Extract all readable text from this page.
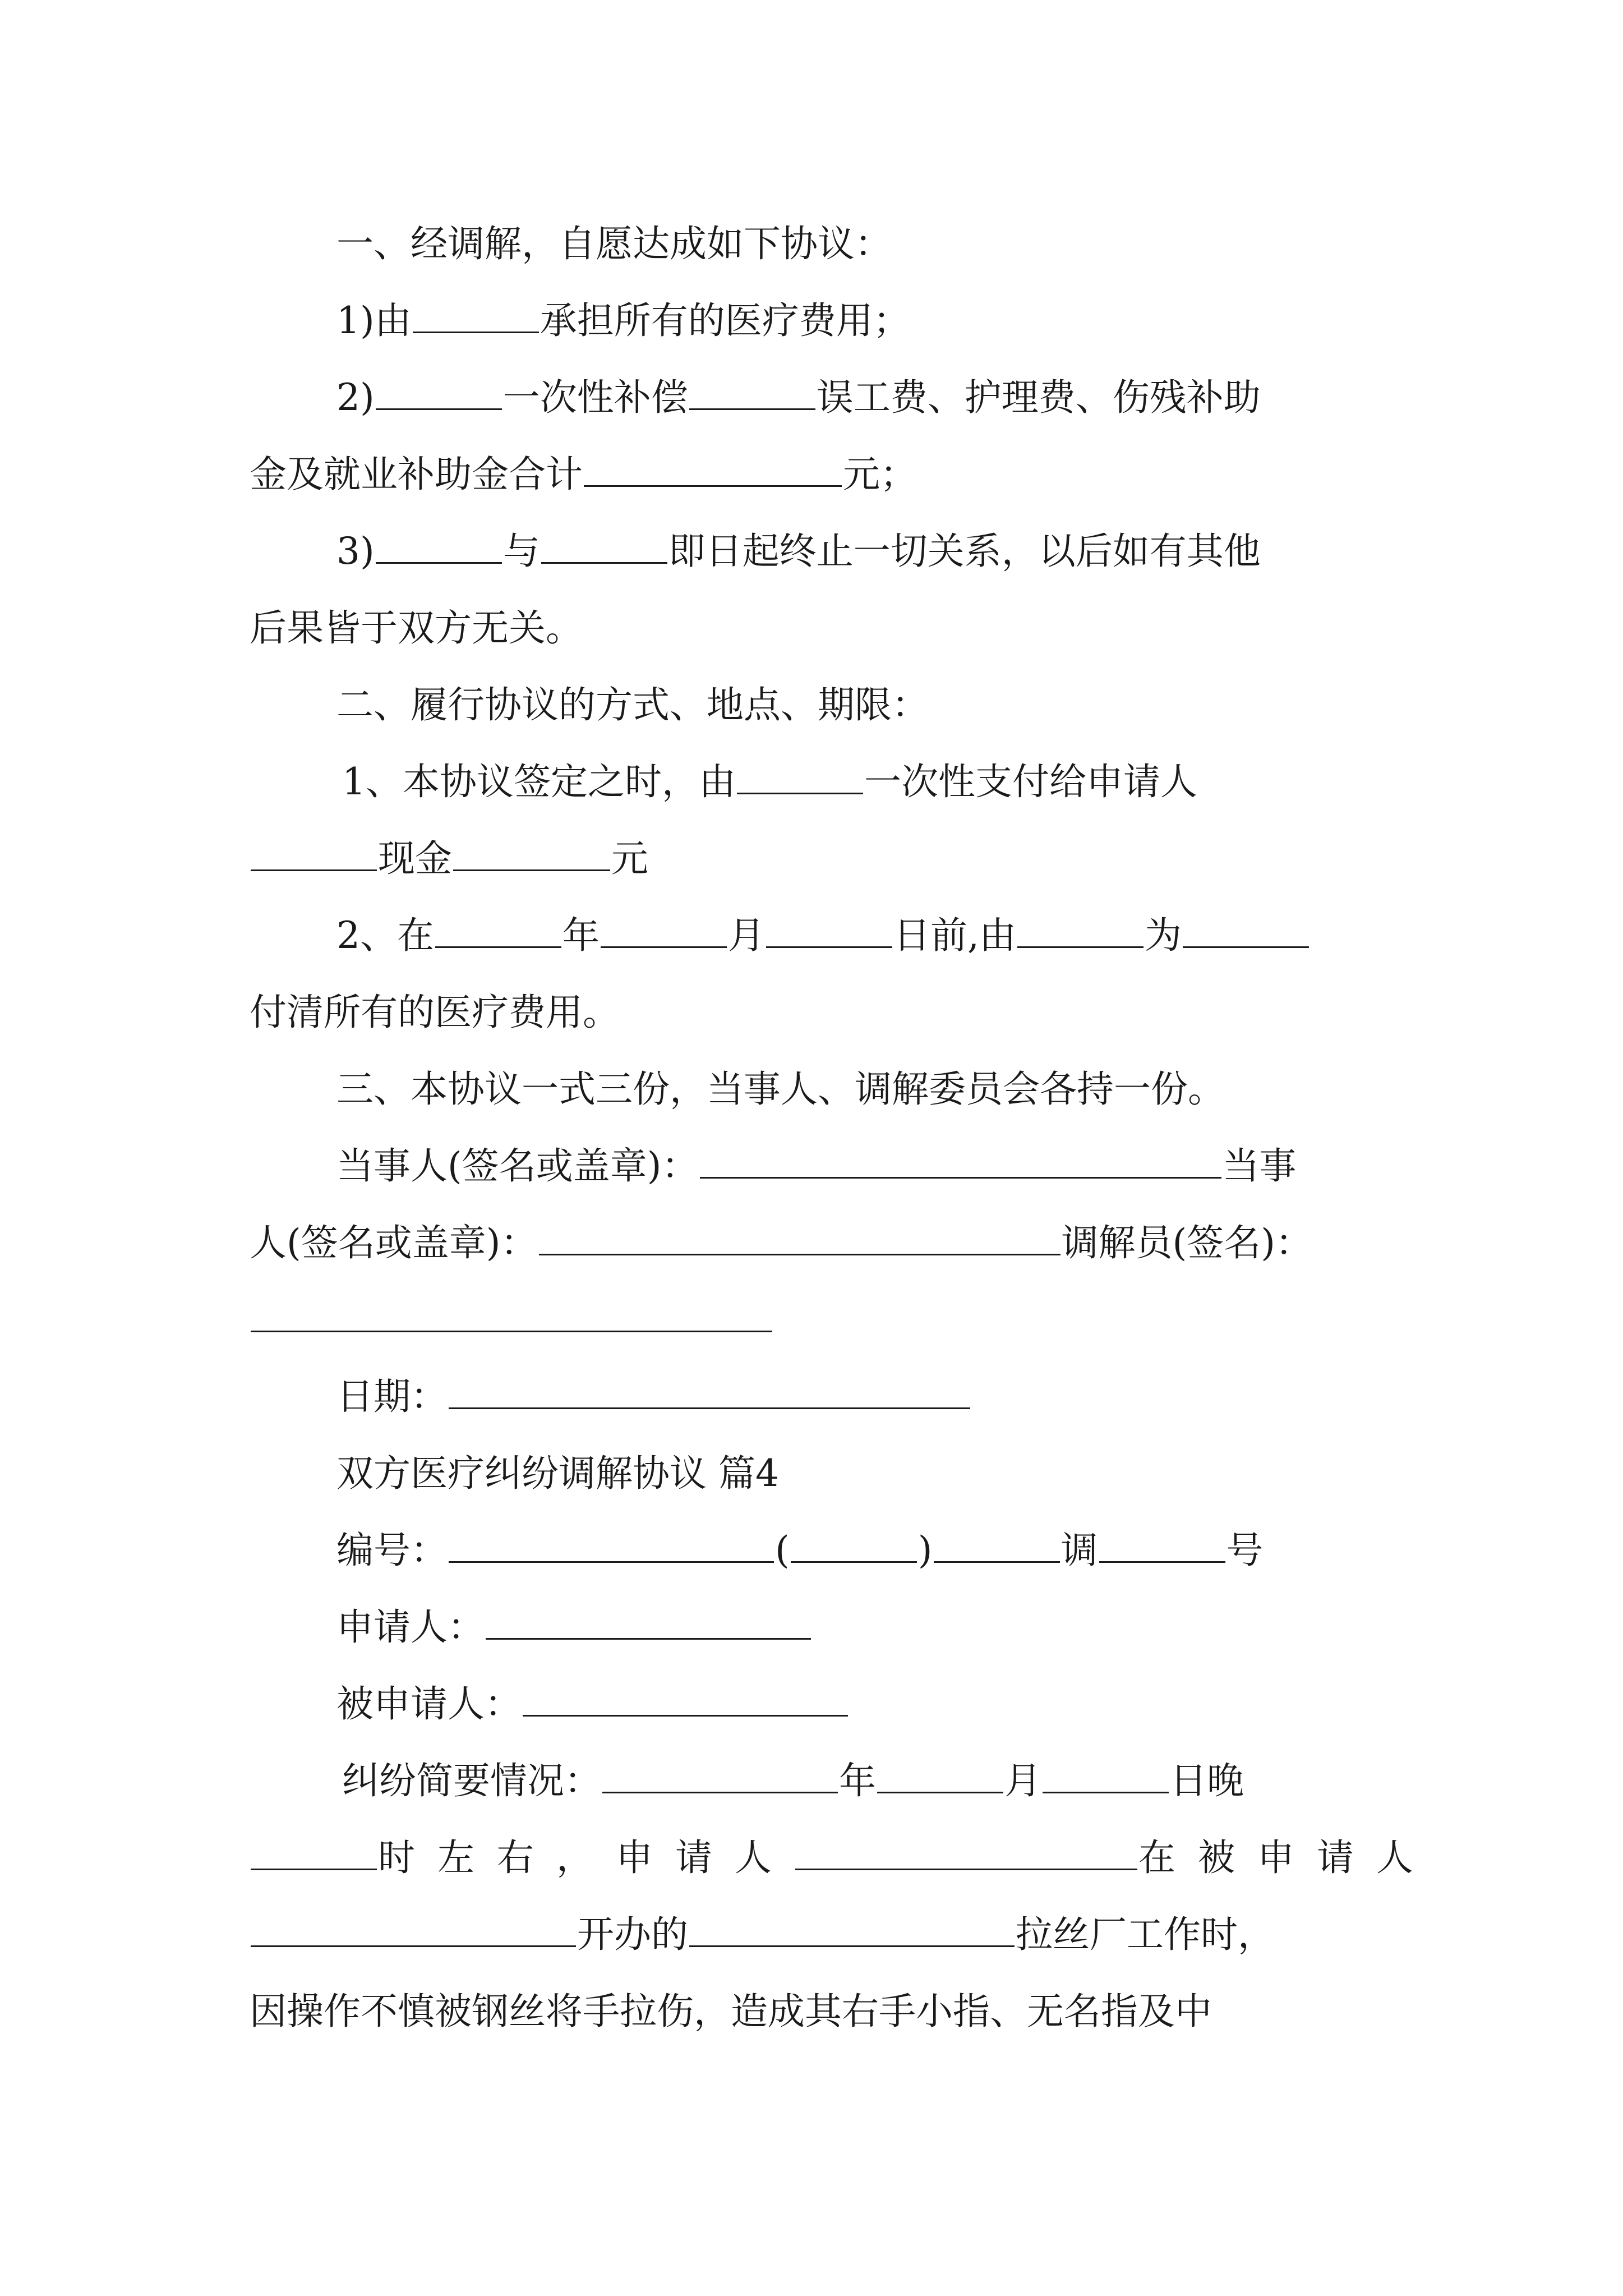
一、经调解，自愿达成如下协议：
1)由	承担所有的医疗费用；
2)	一次性补偿	误工费、护理费、伤残补助
金及就业补助金合计	元；
3)	与	即日起终止一切关系，以后如有其他
后果皆于双方无关。
二、履行协议的方式、地点、期限：
1、本协议签定之时，由	一次性支付给申请人
现金	元
2、在	年	月	日前,由	为
付清所有的医疗费用。
三、本协议一式三份，当事人、调解委员会各持一份。
当事人(签名或盖章)：	当事
人(签名或盖章)：	调解员(签名)：
日期：
双方医疗纠纷调解协议 篇4
编号：	(	)	调	号
申请人：
被申请人：
纠纷简要情况：	年	月	日晚
时左右，申请人	在被申请人
开办的	拉丝厂工作时，
因操作不慎被钢丝将手拉伤，造成其右手小指、无名指及中
